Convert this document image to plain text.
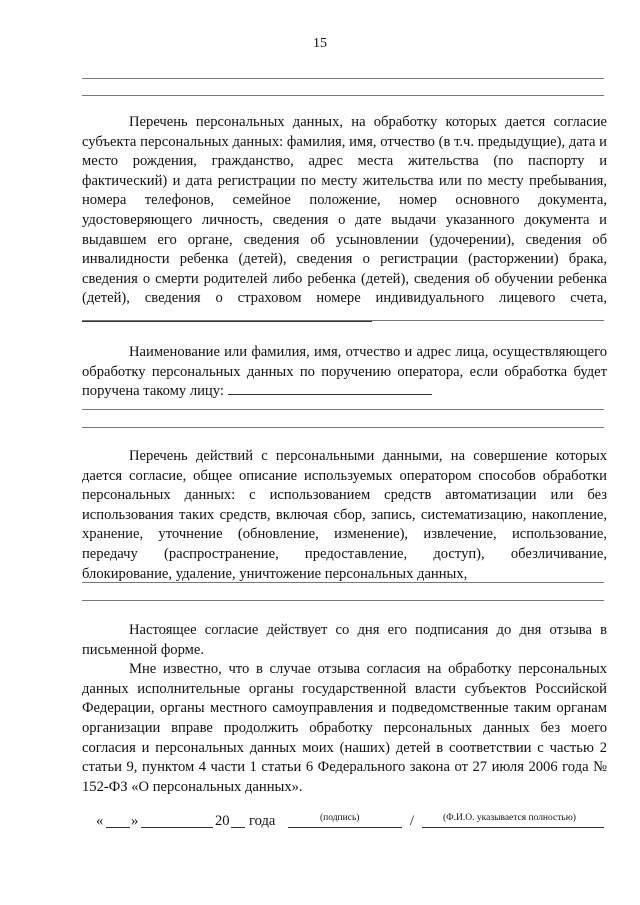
15

Перечень персональных данных, на обработку которых дается согласие субъекта персональных данных: фамилия, имя, отчество (в т.ч. предыдущие), дата и место рождения, гражданство, адрес места жительства (по паспорту и фактический) и дата регистрации по месту жительства или по месту пребывания, номера телефонов, семейное положение, номер основного документа, удостоверяющего личность, сведения о дате выдачи указанного документа и выдавшем его органе, сведения об усыновлении (удочерении), сведения об инвалидности ребенка (детей), сведения о регистрации (расторжении) брака, сведения о смерти родителей либо ребенка (детей), сведения об обучении ребенка (детей), сведения о страховом номере индивидуального лицевого счета,

Наименование или фамилия, имя, отчество и адрес лица, осуществляющего обработку персональных данных по поручению оператора, если обработка будет поручена такому лицу:

Перечень действий с персональными данными, на совершение которых дается согласие, общее описание используемых оператором способов обработки персональных данных: с использованием средств автоматизации или без использования таких средств, включая сбор, запись, систематизацию, накопление, хранение, уточнение (обновление, изменение), извлечение, использование, передачу (распространение, предоставление, доступ), обезличивание, блокирование, удаление, уничтожение персональных данных,

Настоящее согласие действует со дня его подписания до дня отзыва в письменной форме.

Мне известно, что в случае отзыва согласия на обработку персональных данных исполнительные органы государственной власти субъектов Российской Федерации, органы местного самоуправления и подведомственные таким органам организации вправе продолжить обработку персональных данных без моего согласия и персональных данных моих (наших) детей в соответствии с частью 2 статьи 9, пунктом 4 части 1 статьи 6 Федерального закона от 27 июля 2006 года № 152-ФЗ «О персональных данных».

« »	20 года	/
(подпись)	(Ф.И.О. указывается полностью)
